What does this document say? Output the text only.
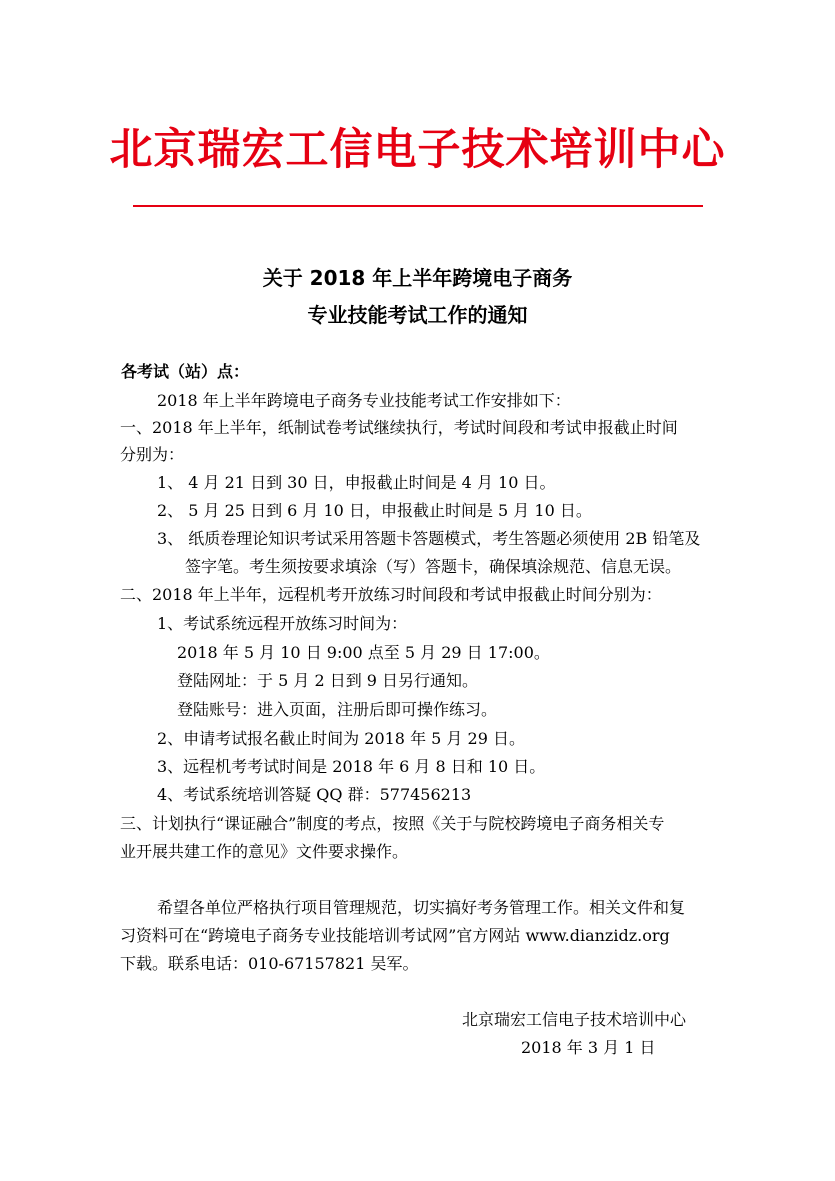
北京瑞宏工信电子技术培训中心
关于 2018 年上半年跨境电子商务
专业技能考试工作的通知
各考试（站）点：
2018 年上半年跨境电子商务专业技能考试工作安排如下：
一、2018 年上半年，纸制试卷考试继续执行，考试时间段和考试申报截止时间
分别为：
1、 4 月 21 日到 30 日，申报截止时间是 4 月 10 日。
2、 5 月 25 日到 6 月 10 日，申报截止时间是 5 月 10 日。
3、 纸质卷理论知识考试采用答题卡答题模式，考生答题必须使用 2B 铅笔及
签字笔。考生须按要求填涂（写）答题卡，确保填涂规范、信息无误。
二、2018 年上半年，远程机考开放练习时间段和考试申报截止时间分别为：
1、考试系统远程开放练习时间为：
2018 年 5 月 10 日 9:00 点至 5 月 29 日 17:00。
登陆网址：于 5 月 2 日到 9 日另行通知。
登陆账号：进入页面，注册后即可操作练习。
2、申请考试报名截止时间为 2018 年 5 月 29 日。
3、远程机考考试时间是 2018 年 6 月 8 日和 10 日。
4、考试系统培训答疑 QQ 群：577456213
三、计划执行“课证融合”制度的考点，按照《关于与院校跨境电子商务相关专
业开展共建工作的意见》文件要求操作。
希望各单位严格执行项目管理规范，切实搞好考务管理工作。相关文件和复
习资料可在“跨境电子商务专业技能培训考试网”官方网站 www.dianzidz.org
下载。联系电话：010-67157821 吴军。
北京瑞宏工信电子技术培训中心
2018 年 3 月 1 日
